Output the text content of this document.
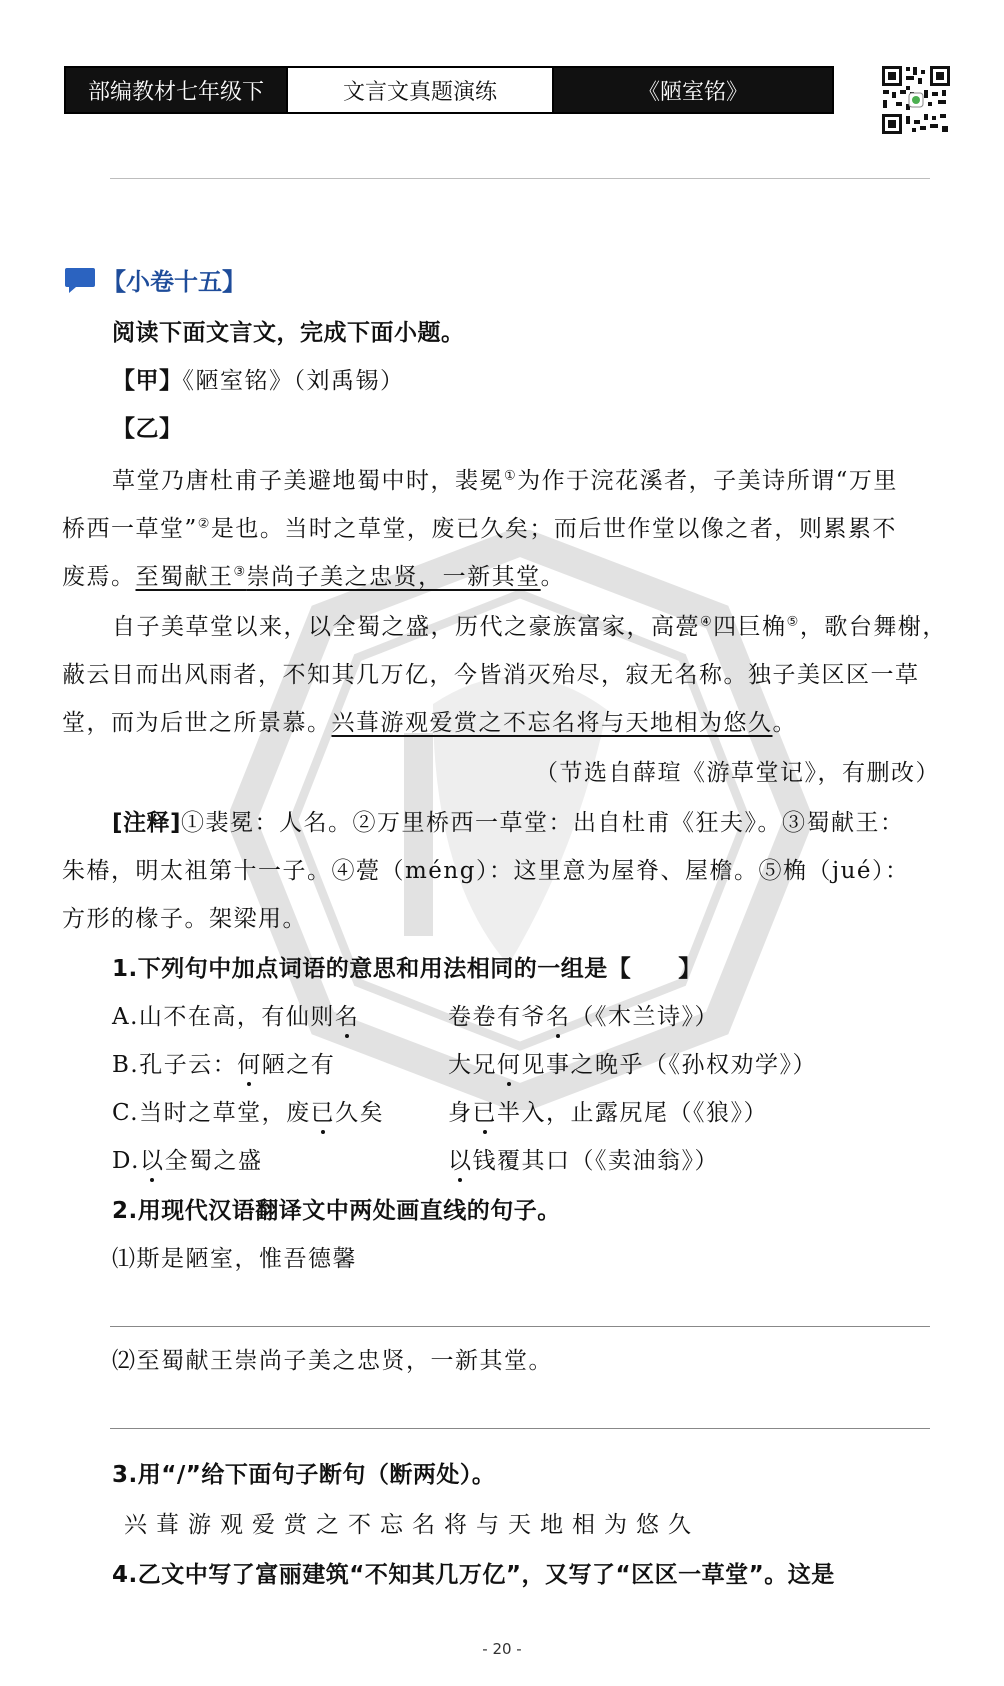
部编教材七年级下	文言文真题演练	《陋室铭》
【小卷十五】
阅读下面文言文，完成下面小题。
【甲】《陋室铭》（刘禹锡）
【乙】
草堂乃唐杜甫子美避地蜀中时，裴冕①为作于浣花溪者，子美诗所谓“万里
桥西一草堂”②是也。当时之草堂，废已久矣；而后世作堂以像之者，则累累不
废焉。至蜀献王③崇尚子美之忠贤，一新其堂。
自子美草堂以来，以全蜀之盛，历代之豪族富家，高甍④四巨桷⑤，歌台舞榭，
蔽云日而出风雨者，不知其几万亿，今皆消灭殆尽，寂无名称。独子美区区一草
堂，而为后世之所景慕。兴葺游观爱赏之不忘名将与天地相为悠久。
（节选自薛瑄《游草堂记》，有删改）
[注释]①裴冕：人名。②万里桥西一草堂：出自杜甫《狂夫》。③蜀献王：
朱椿，明太祖第十一子。④甍（méng）：这里意为屋脊、屋檐。⑤桷（jué）：
方形的椽子。架梁用。
1.下列句中加点词语的意思和用法相同的一组是【　　】
A.山不在高，有仙则名	卷卷有爷名（《木兰诗》）
B.孔子云：何陋之有	大兄何见事之晚乎（《孙权劝学》）
C.当时之草堂，废已久矣	身已半入，止露尻尾（《狼》）
D.以全蜀之盛	以钱覆其口（《卖油翁》）
2.用现代汉语翻译文中两处画直线的句子。
⑴斯是陋室，惟吾德馨
⑵至蜀献王崇尚子美之忠贤，一新其堂。
3.用“/”给下面句子断句（断两处）。
兴葺游观爱赏之不忘名将与天地相为悠久
4.乙文中写了富丽建筑“不知其几万亿”，又写了“区区一草堂”。这是
- 20 -
